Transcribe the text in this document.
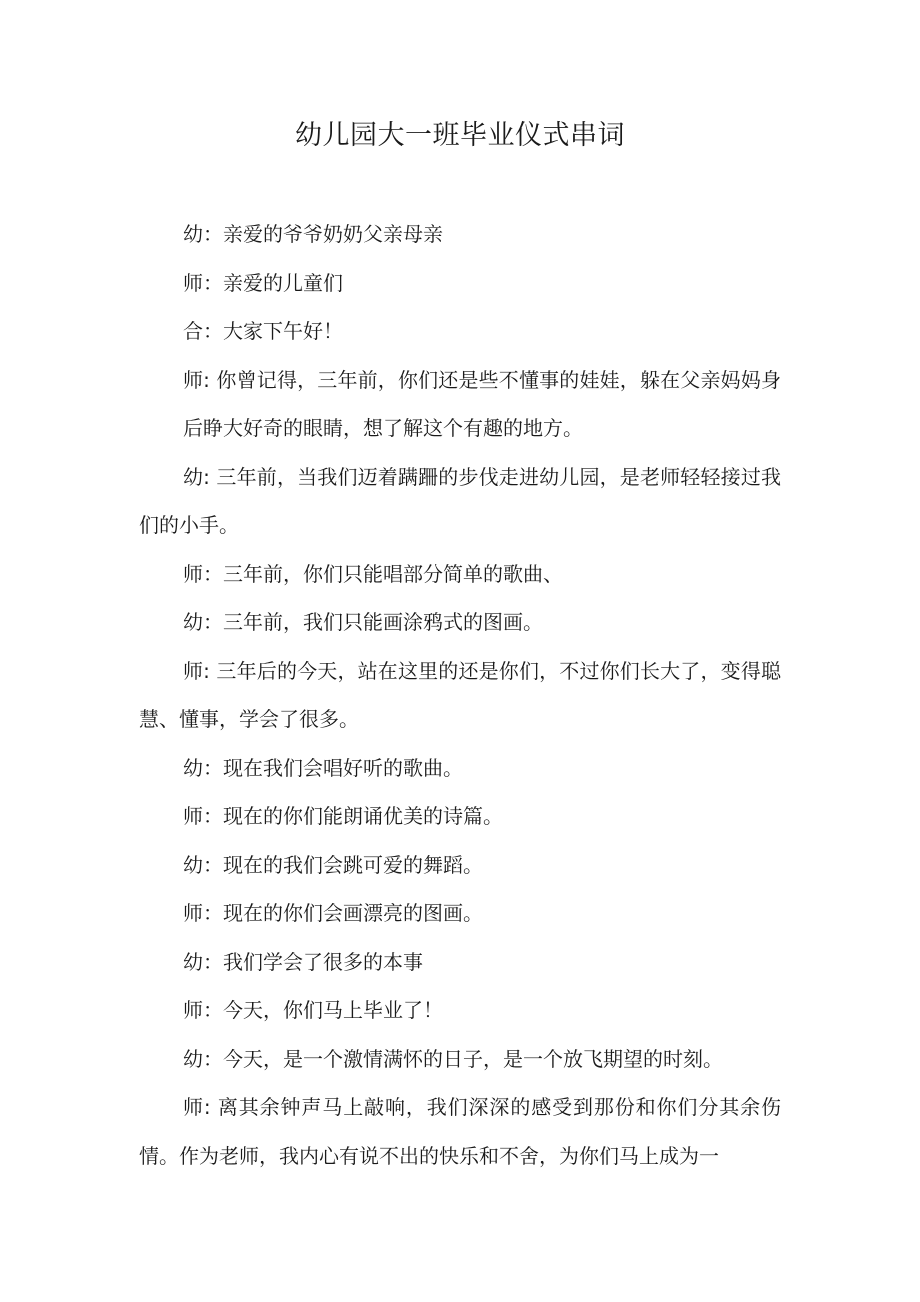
幼儿园大一班毕业仪式串词

幼：亲爱的爷爷奶奶父亲母亲

师：亲爱的儿童们

合：大家下午好！

师: 你曾记得，三年前，你们还是些不懂事的娃娃，躲在父亲妈妈身后睁大好奇的眼睛，想了解这个有趣的地方。

幼: 三年前，当我们迈着蹒跚的步伐走进幼儿园，是老师轻轻接过我们的小手。

师：三年前，你们只能唱部分简单的歌曲、

幼：三年前，我们只能画涂鸦式的图画。

师: 三年后的今天，站在这里的还是你们，不过你们长大了，变得聪慧、懂事，学会了很多。

幼：现在我们会唱好听的歌曲。

师：现在的你们能朗诵优美的诗篇。

幼：现在的我们会跳可爱的舞蹈。

师：现在的你们会画漂亮的图画。

幼：我们学会了很多的本事

师：今天，你们马上毕业了！

幼：今天，是一个激情满怀的日子，是一个放飞期望的时刻。

师: 离其余钟声马上敲响，我们深深的感受到那份和你们分其余伤情。作为老师，我内心有说不出的快乐和不舍，为你们马上成为一
